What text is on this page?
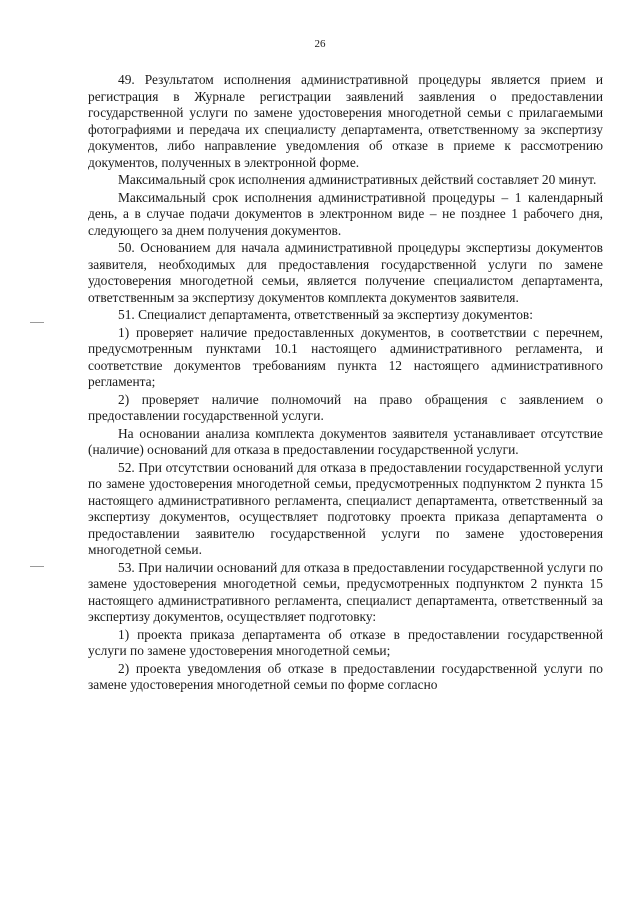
26

49. Результатом исполнения административной процедуры является прием и регистрация в Журнале регистрации заявлений заявления о предоставлении государственной услуги по замене удостоверения многодетной семьи с прилагаемыми фотографиями и передача их специалисту департамента, ответственному за экспертизу документов, либо направление уведомления об отказе в приеме к рассмотрению документов, полученных в электронной форме.

Максимальный срок исполнения административных действий составляет 20 минут.

Максимальный срок исполнения административной процедуры – 1 календарный день, а в случае подачи документов в электронном виде – не позднее 1 рабочего дня, следующего за днем получения документов.

50. Основанием для начала административной процедуры экспертизы документов заявителя, необходимых для предоставления государственной услуги по замене удостоверения многодетной семьи, является получение специалистом департамента, ответственным за экспертизу документов комплекта документов заявителя.

51. Специалист департамента, ответственный за экспертизу документов:

1) проверяет наличие предоставленных документов, в соответствии с перечнем, предусмотренным пунктами 10.1 настоящего административного регламента, и соответствие документов требованиям пункта 12 настоящего административного регламента;

2) проверяет наличие полномочий на право обращения с заявлением о предоставлении государственной услуги.

На основании анализа комплекта документов заявителя устанавливает отсутствие (наличие) оснований для отказа в предоставлении государственной услуги.

52. При отсутствии оснований для отказа в предоставлении государственной услуги по замене удостоверения многодетной семьи, предусмотренных подпунктом 2 пункта 15 настоящего административного регламента, специалист департамента, ответственный за экспертизу документов, осуществляет подготовку проекта приказа департамента о предоставлении заявителю государственной услуги по замене удостоверения многодетной семьи.

53. При наличии оснований для отказа в предоставлении государственной услуги по замене удостоверения многодетной семьи, предусмотренных подпунктом 2 пункта 15 настоящего административного регламента, специалист департамента, ответственный за экспертизу документов, осуществляет подготовку:

1) проекта приказа департамента об отказе в предоставлении государственной услуги по замене удостоверения многодетной семьи;

2) проекта уведомления об отказе в предоставлении государственной услуги по замене удостоверения многодетной семьи по форме согласно
